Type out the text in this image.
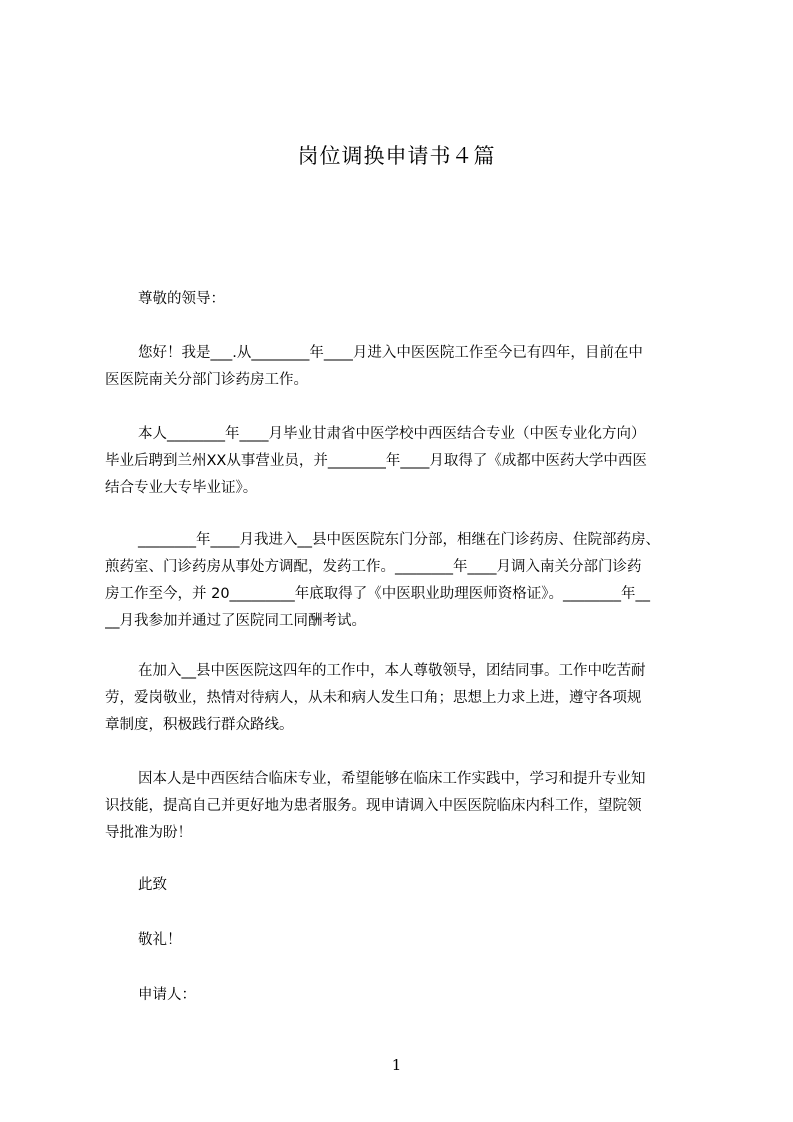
岗位调换申请书４篇
尊敬的领导：
您好！我是___.从________年____月进入中医医院工作至今已有四年，目前在中
医医院南关分部门诊药房工作。
本人________年____月毕业甘肃省中医学校中西医结合专业（中医专业化方向）
毕业后聘到兰州XX从事营业员，并________年____月取得了《成都中医药大学中西医
结合专业大专毕业证》。
________年____月我进入__县中医医院东门分部，相继在门诊药房、住院部药房、
煎药室、门诊药房从事处方调配，发药工作。________年____月调入南关分部门诊药
房工作至今，并 20_________年底取得了《中医职业助理医师资格证》。________年__
__月我参加并通过了医院同工同酬考试。
在加入__县中医医院这四年的工作中，本人尊敬领导，团结同事。工作中吃苦耐
劳，爱岗敬业，热情对待病人，从未和病人发生口角；思想上力求上进，遵守各项规
章制度，积极践行群众路线。
因本人是中西医结合临床专业，希望能够在临床工作实践中，学习和提升专业知
识技能，提高自己并更好地为患者服务。现申请调入中医医院临床内科工作，望院领
导批准为盼！
此致
敬礼！
申请人：
1
